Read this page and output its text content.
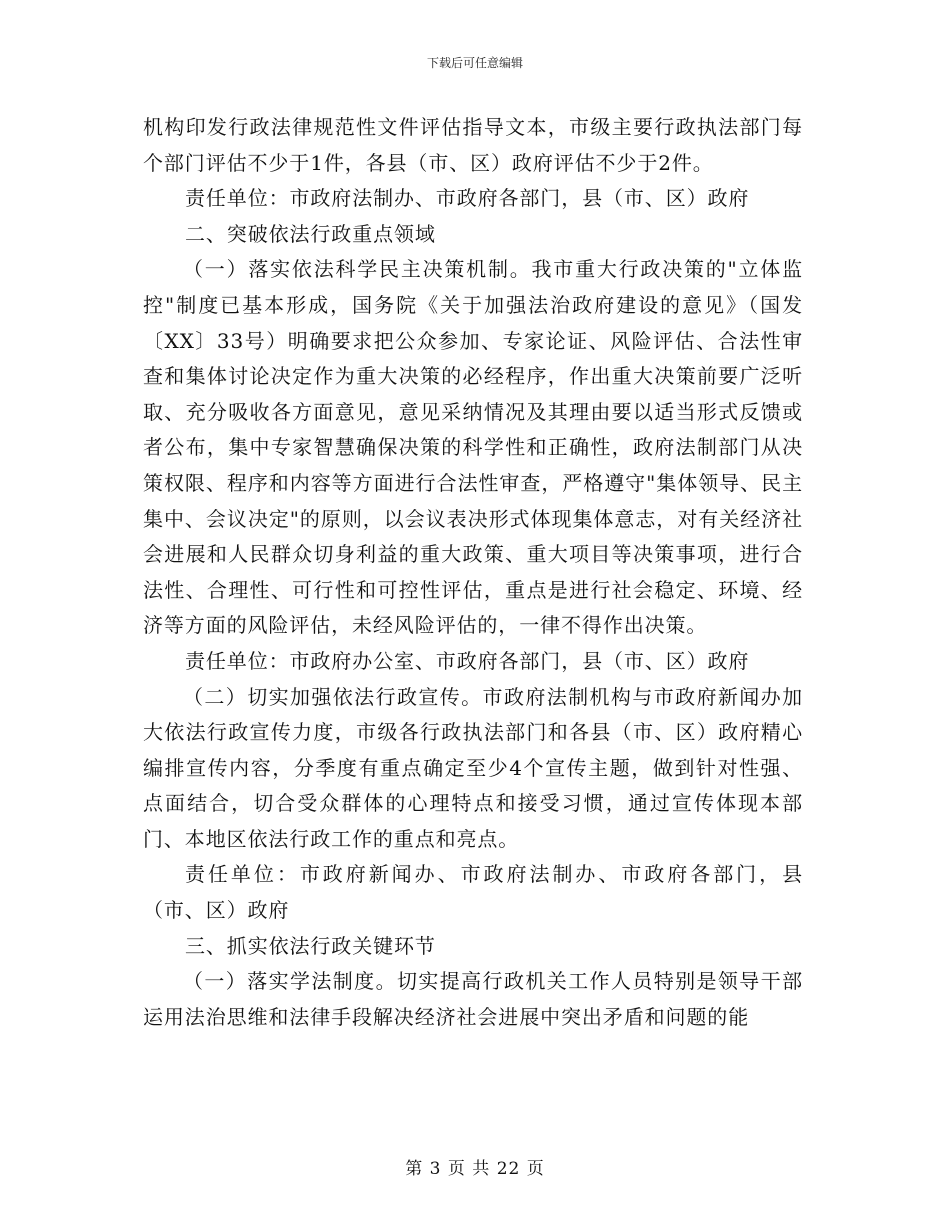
下载后可任意编辑

机构印发行政法律规范性文件评估指导文本，市级主要行政执法部门每个部门评估不少于1件，各县（市、区）政府评估不少于2件。

责任单位：市政府法制办、市政府各部门，县（市、区）政府

二、突破依法行政重点领域

（一）落实依法科学民主决策机制。我市重大行政决策的"立体监控"制度已基本形成，国务院《关于加强法治政府建设的意见》（国发〔XX〕33号）明确要求把公众参加、专家论证、风险评估、合法性审查和集体讨论决定作为重大决策的必经程序，作出重大决策前要广泛听取、充分吸收各方面意见，意见采纳情况及其理由要以适当形式反馈或者公布，集中专家智慧确保决策的科学性和正确性，政府法制部门从决策权限、程序和内容等方面进行合法性审查，严格遵守"集体领导、民主集中、会议决定"的原则，以会议表决形式体现集体意志，对有关经济社会进展和人民群众切身利益的重大政策、重大项目等决策事项，进行合法性、合理性、可行性和可控性评估，重点是进行社会稳定、环境、经济等方面的风险评估，未经风险评估的，一律不得作出决策。

责任单位：市政府办公室、市政府各部门，县（市、区）政府

（二）切实加强依法行政宣传。市政府法制机构与市政府新闻办加大依法行政宣传力度，市级各行政执法部门和各县（市、区）政府精心编排宣传内容，分季度有重点确定至少4个宣传主题，做到针对性强、点面结合，切合受众群体的心理特点和接受习惯，通过宣传体现本部门、本地区依法行政工作的重点和亮点。

责任单位：市政府新闻办、市政府法制办、市政府各部门，县（市、区）政府

三、抓实依法行政关键环节

（一）落实学法制度。切实提高行政机关工作人员特别是领导干部运用法治思维和法律手段解决经济社会进展中突出矛盾和问题的能

第 3 页 共 22 页
